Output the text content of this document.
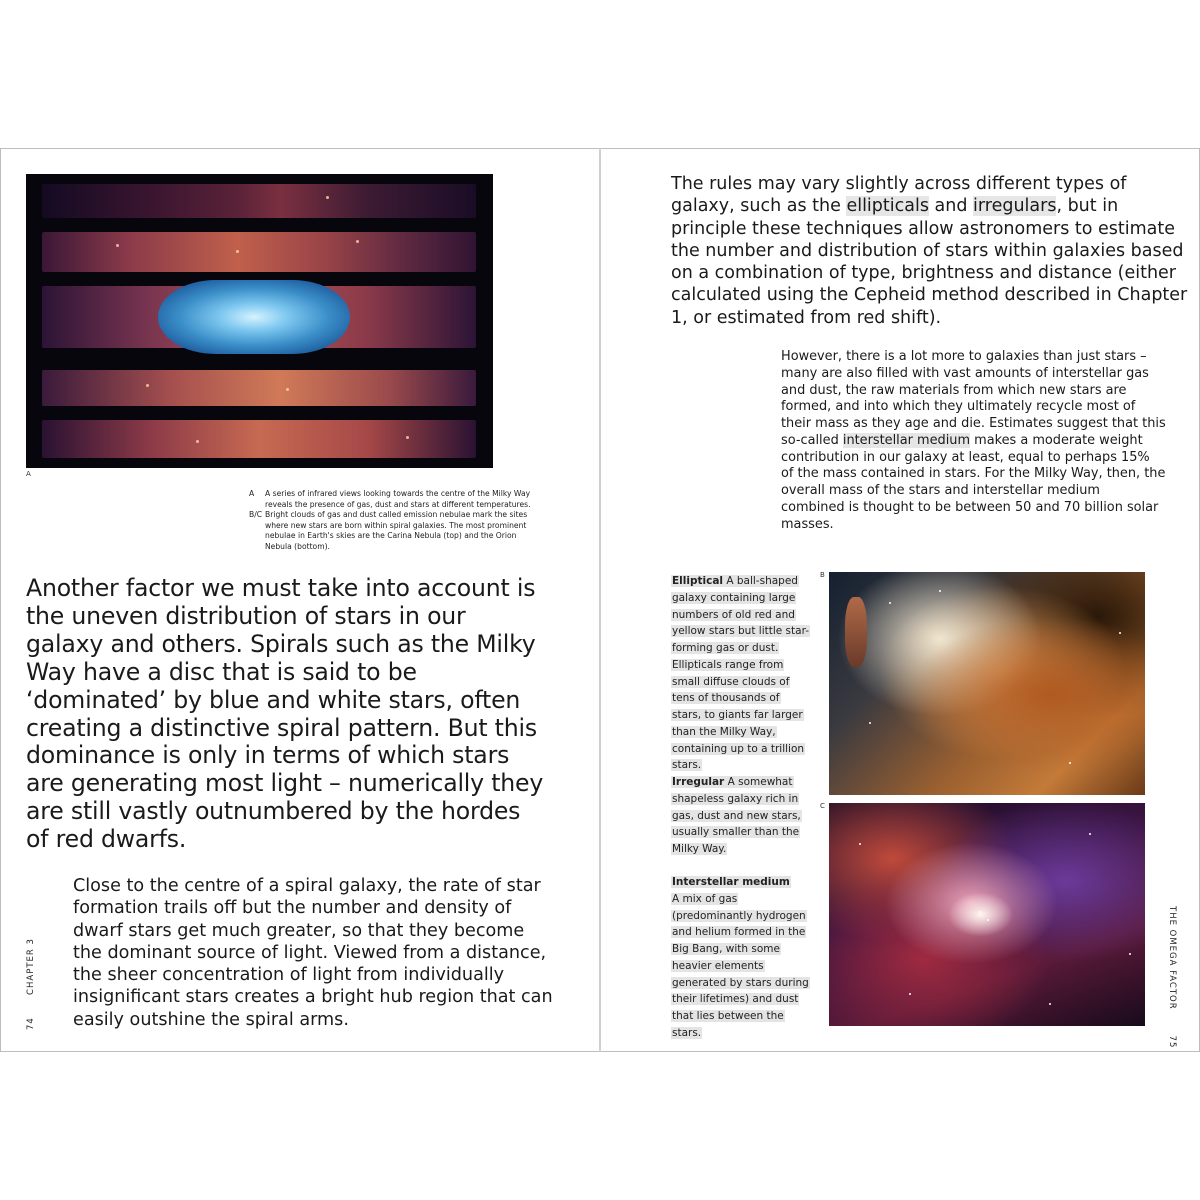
A
A	A series of infrared views looking towards the centre of the Milky Way reveals the presence of gas, dust and stars at different temperatures.
B/C Bright clouds of gas and dust called emission nebulae mark the sites where new stars are born within spiral galaxies. The most prominent nebulae in Earth's skies are the Carina Nebula (top) and the Orion Nebula (bottom).

Another factor we must take into account is the uneven distribution of stars in our galaxy and others. Spirals such as the Milky Way have a disc that is said to be ‘dominated’ by blue and white stars, often creating a distinctive spiral pattern. But this dominance is only in terms of which stars are generating most light – numerically they are still vastly outnumbered by the hordes of red dwarfs.

Close to the centre of a spiral galaxy, the rate of star formation trails off but the number and density of dwarf stars get much greater, so that they become the dominant source of light. Viewed from a distance, the sheer concentration of light from individually insignificant stars creates a bright hub region that can easily outshine the spiral arms.

74      CHAPTER 3

The rules may vary slightly across different types of galaxy, such as the ellipticals and irregulars, but in principle these techniques allow astronomers to estimate the number and distribution of stars within galaxies based on a combination of type, brightness and distance (either calculated using the Cepheid method described in Chapter 1, or estimated from red shift).

However, there is a lot more to galaxies than just stars – many are also filled with vast amounts of interstellar gas and dust, the raw materials from which new stars are formed, and into which they ultimately recycle most of their mass as they age and die. Estimates suggest that this so-called interstellar medium makes a moderate weight contribution in our galaxy at least, equal to perhaps 15% of the mass contained in stars. For the Milky Way, then, the overall mass of the stars and interstellar medium combined is thought to be between 50 and 70 billion solar masses.

Elliptical A ball-shaped galaxy containing large numbers of old red and yellow stars but little star-forming gas or dust. Ellipticals range from small diffuse clouds of tens of thousands of stars, to giants far larger than the Milky Way, containing up to a trillion stars.

Irregular A somewhat shapeless galaxy rich in gas, dust and new stars, usually smaller than the Milky Way.

Interstellar medium
A mix of gas (predominantly hydrogen and helium formed in the Big Bang, with some heavier elements generated by stars during their lifetimes) and dust that lies between the stars.

B
C
THE OMEGA FACTOR       75
